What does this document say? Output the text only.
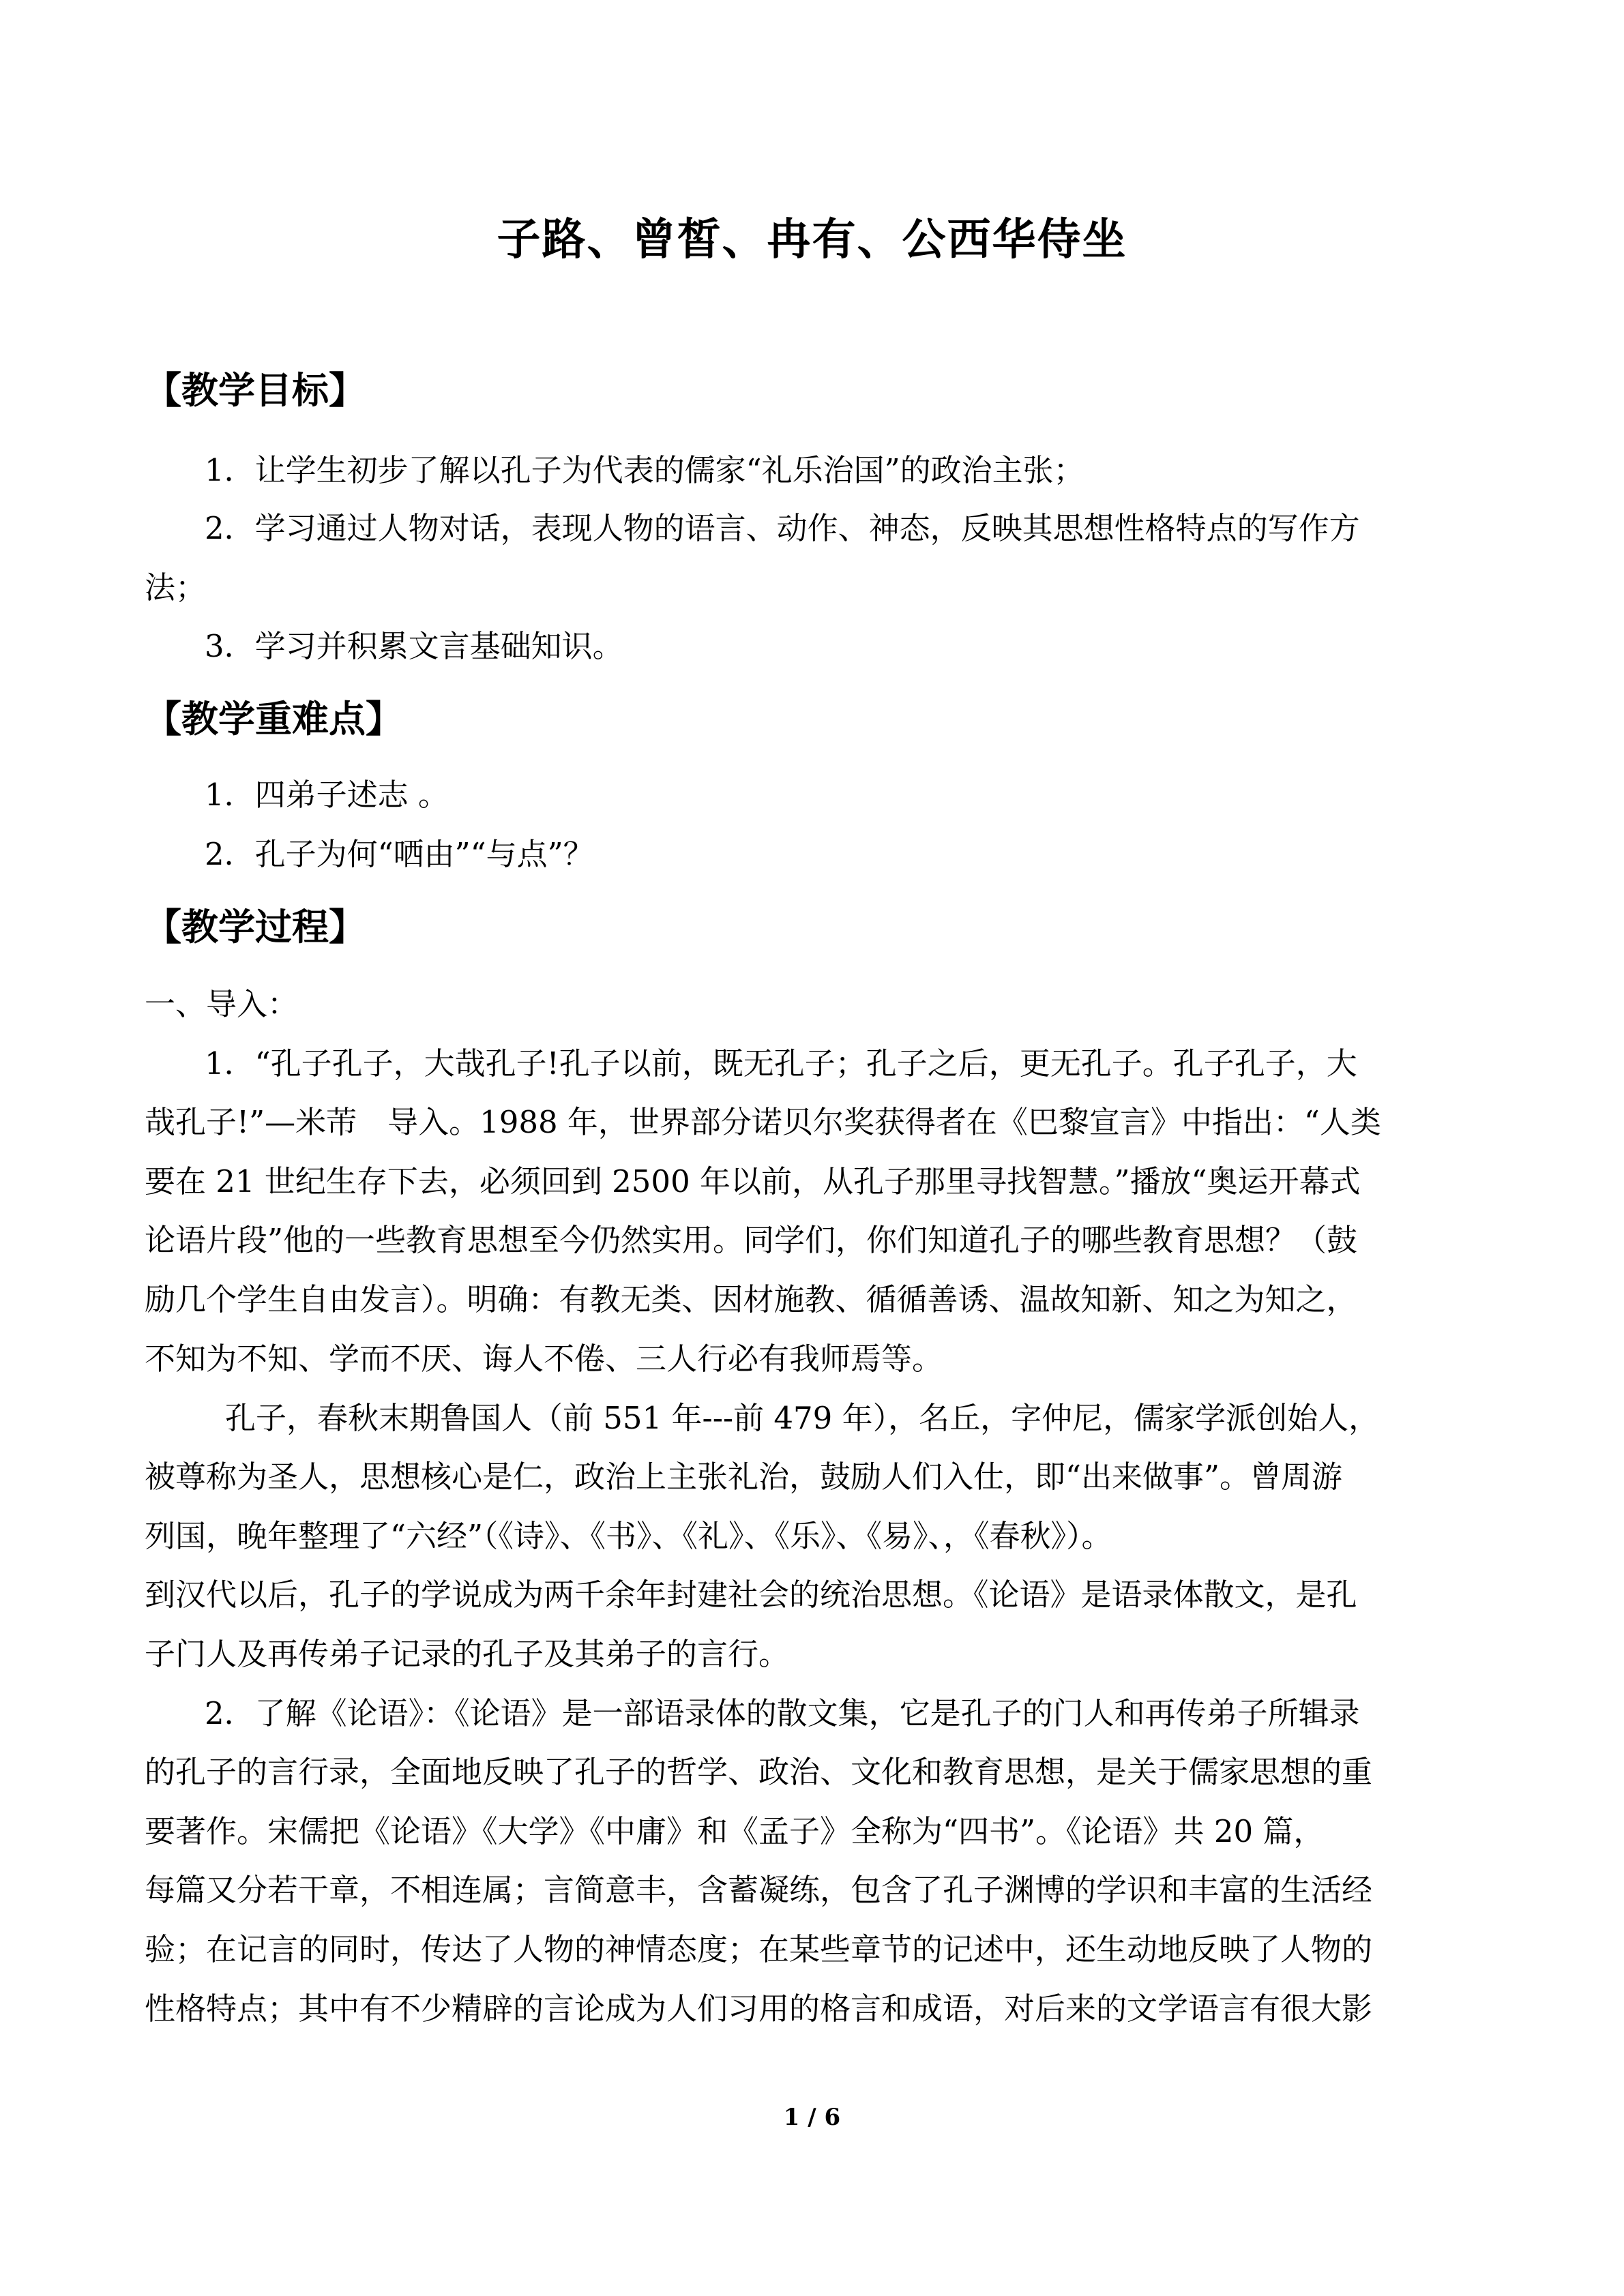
子路、曾皙、冉有、公西华侍坐
【教学目标】
1．让学生初步了解以孔子为代表的儒家“礼乐治国”的政治主张；
2．学习通过人物对话，表现人物的语言、动作、神态，反映其思想性格特点的写作方
法；
3．学习并积累文言基础知识。
【教学重难点】
1．四弟子述志 。
2．孔子为何“哂由”“与点”？
【教学过程】
一、导入：
1．“孔子孔子，大哉孔子!孔子以前，既无孔子；孔子之后，更无孔子。孔子孔子，大
哉孔子!”—米芾　导入。1988 年，世界部分诺贝尔奖获得者在《巴黎宣言》中指出：“人类
要在 21 世纪生存下去，必须回到 2500 年以前，从孔子那里寻找智慧。”播放“奥运开幕式
论语片段”他的一些教育思想至今仍然实用。同学们，你们知道孔子的哪些教育思想？（鼓
励几个学生自由发言）。明确：有教无类、因材施教、循循善诱、温故知新、知之为知之，
不知为不知、学而不厌、诲人不倦、三人行必有我师焉等。
孔子，春秋末期鲁国人（前 551 年---前 479 年），名丘，字仲尼，儒家学派创始人，
被尊称为圣人，思想核心是仁，政治上主张礼治，鼓励人们入仕，即“出来做事”。曾周游
列国，晚年整理了“六经”（《诗》、《书》、《礼》、《乐》、《易》、，《春秋》）。
到汉代以后，孔子的学说成为两千余年封建社会的统治思想。《论语》是语录体散文，是孔
子门人及再传弟子记录的孔子及其弟子的言行。
2．了解《论语》：《论语》是一部语录体的散文集，它是孔子的门人和再传弟子所辑录
的孔子的言行录，全面地反映了孔子的哲学、政治、文化和教育思想，是关于儒家思想的重
要著作。宋儒把《论语》《大学》《中庸》和《孟子》全称为“四书”。《论语》共 20 篇，
每篇又分若干章，不相连属；言简意丰，含蓄凝练，包含了孔子渊博的学识和丰富的生活经
验；在记言的同时，传达了人物的神情态度；在某些章节的记述中，还生动地反映了人物的
性格特点；其中有不少精辟的言论成为人们习用的格言和成语，对后来的文学语言有很大影
1 / 6
